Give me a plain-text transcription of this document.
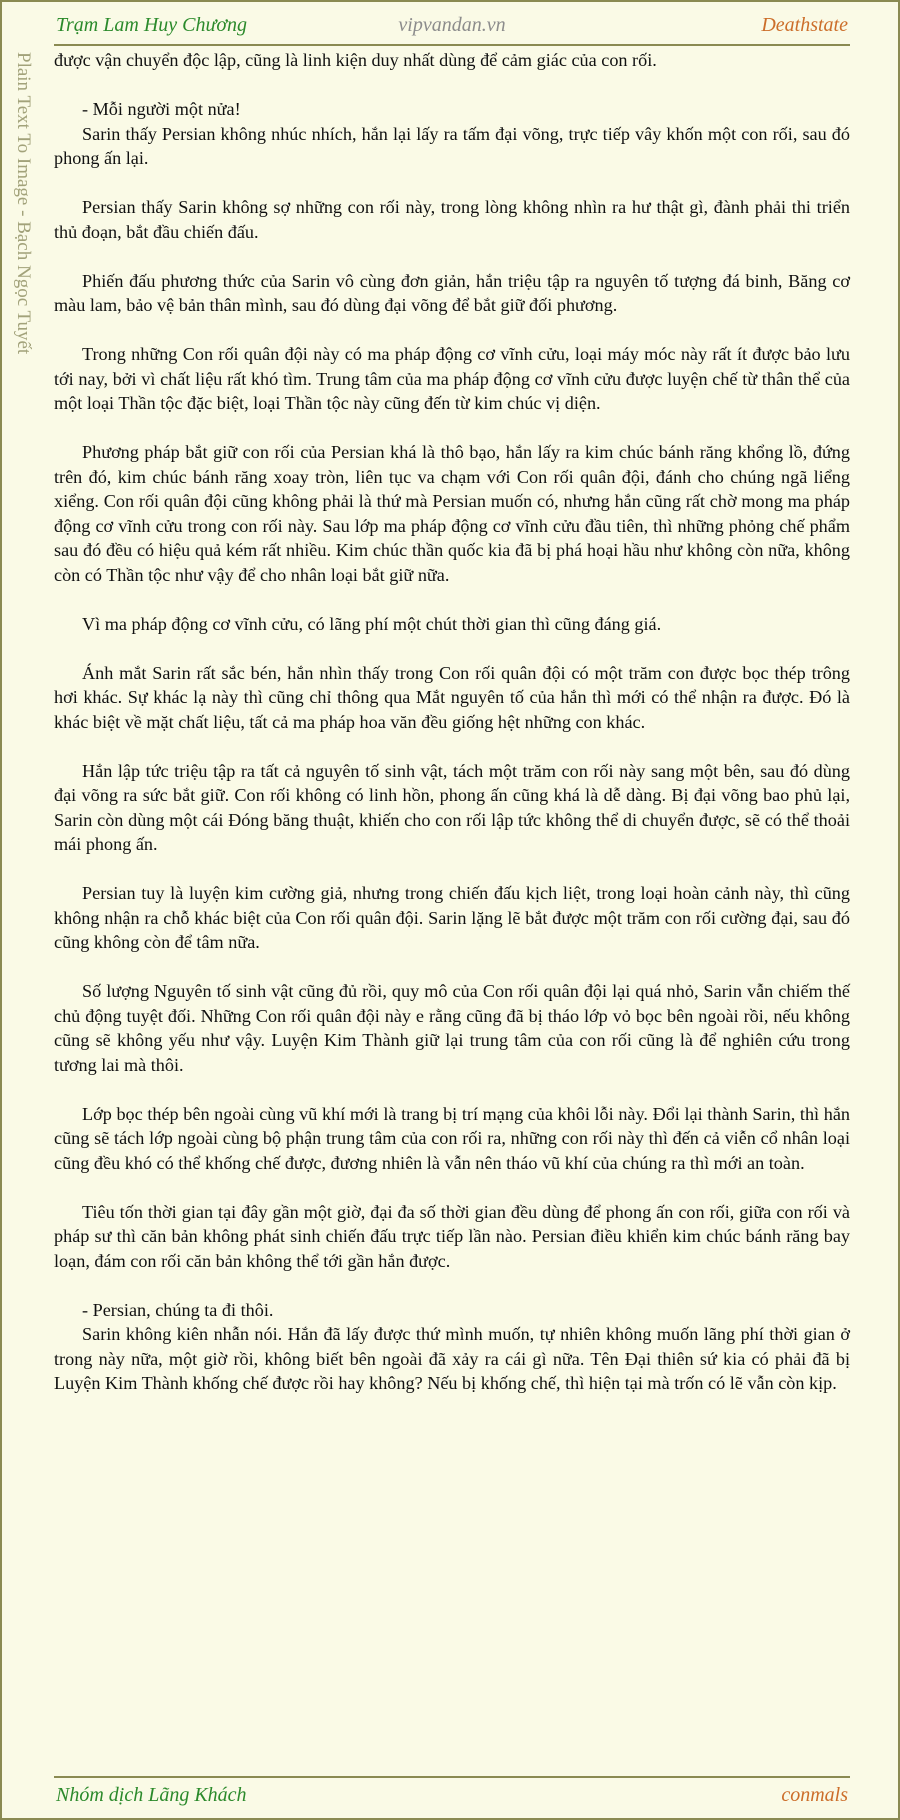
Trạm Lam Huy Chương	vipvandan.vn	Deathstate
Plain Text To Image - Bạch Ngọc Tuyết được vận chuyển độc lập, cũng là linh kiện duy nhất dùng để cảm giác của con rối.

- Mỗi người một nửa!

Sarin thấy Persian không nhúc nhích, hắn lại lấy ra tấm đại võng, trực tiếp vây khốn một con rối, sau đó phong ấn lại.

Persian thấy Sarin không sợ những con rối này, trong lòng không nhìn ra hư thật gì, đành phải thi triển thủ đoạn, bắt đầu chiến đấu.

Phiến đấu phương thức của Sarin vô cùng đơn giản, hắn triệu tập ra nguyên tố tượng đá binh, Băng cơ màu lam, bảo vệ bản thân mình, sau đó dùng đại võng để bắt giữ đối phương.

Trong những Con rối quân đội này có ma pháp động cơ vĩnh cửu, loại máy móc này rất ít được bảo lưu tới nay, bởi vì chất liệu rất khó tìm. Trung tâm của ma pháp động cơ vĩnh cửu được luyện chế từ thân thể của một loại Thần tộc đặc biệt, loại Thần tộc này cũng đến từ kim chúc vị diện.

Phương pháp bắt giữ con rối của Persian khá là thô bạo, hắn lấy ra kim chúc bánh răng khổng lồ, đứng trên đó, kim chúc bánh răng xoay tròn, liên tục va chạm với Con rối quân đội, đánh cho chúng ngã liểng xiểng. Con rối quân đội cũng không phải là thứ mà Persian muốn có, nhưng hắn cũng rất chờ mong ma pháp động cơ vĩnh cửu trong con rối này. Sau lớp ma pháp động cơ vĩnh cửu đầu tiên, thì những phỏng chế phẩm sau đó đều có hiệu quả kém rất nhiều. Kim chúc thần quốc kia đã bị phá hoại hầu như không còn nữa, không còn có Thần tộc như vậy để cho nhân loại bắt giữ nữa.

Vì ma pháp động cơ vĩnh cửu, có lãng phí một chút thời gian thì cũng đáng giá.

Ánh mắt Sarin rất sắc bén, hắn nhìn thấy trong Con rối quân đội có một trăm con được bọc thép trông hơi khác. Sự khác lạ này thì cũng chỉ thông qua Mắt nguyên tố của hắn thì mới có thể nhận ra được. Đó là khác biệt về mặt chất liệu, tất cả ma pháp hoa văn đều giống hệt những con khác.

Hắn lập tức triệu tập ra tất cả nguyên tố sinh vật, tách một trăm con rối này sang một bên, sau đó dùng đại võng ra sức bắt giữ. Con rối không có linh hồn, phong ấn cũng khá là dễ dàng. Bị đại võng bao phủ lại, Sarin còn dùng một cái Đóng băng thuật, khiến cho con rối lập tức không thể di chuyển được, sẽ có thể thoải mái phong ấn.

Persian tuy là luyện kim cường giả, nhưng trong chiến đấu kịch liệt, trong loại hoàn cảnh này, thì cũng không nhận ra chỗ khác biệt của Con rối quân đội. Sarin lặng lẽ bắt được một trăm con rối cường đại, sau đó cũng không còn để tâm nữa.

Số lượng Nguyên tố sinh vật cũng đủ rồi, quy mô của Con rối quân đội lại quá nhỏ, Sarin vẫn chiếm thế chủ động tuyệt đối. Những Con rối quân đội này e rằng cũng đã bị tháo lớp vỏ bọc bên ngoài rồi, nếu không cũng sẽ không yếu như vậy. Luyện Kim Thành giữ lại trung tâm của con rối cũng là để nghiên cứu trong tương lai mà thôi.

Lớp bọc thép bên ngoài cùng vũ khí mới là trang bị trí mạng của khôi lỗi này. Đổi lại thành Sarin, thì hắn cũng sẽ tách lớp ngoài cùng bộ phận trung tâm của con rối ra, những con rối này thì đến cả viễn cổ nhân loại cũng đều khó có thể khống chế được, đương nhiên là vẫn nên tháo vũ khí của chúng ra thì mới an toàn.

Tiêu tốn thời gian tại đây gần một giờ, đại đa số thời gian đều dùng để phong ấn con rối, giữa con rối và pháp sư thì căn bản không phát sinh chiến đấu trực tiếp lần nào. Persian điều khiển kim chúc bánh răng bay loạn, đám con rối căn bản không thể tới gần hắn được.

- Persian, chúng ta đi thôi.

Sarin không kiên nhẫn nói. Hắn đã lấy được thứ mình muốn, tự nhiên không muốn lãng phí thời gian ở trong này nữa, một giờ rồi, không biết bên ngoài đã xảy ra cái gì nữa. Tên Đại thiên sứ kia có phải đã bị Luyện Kim Thành khống chế được rồi hay không? Nếu bị khống chế, thì hiện tại mà trốn có lẽ vẫn còn kịp.

Nhóm dịch Lãng Khách	conmals
